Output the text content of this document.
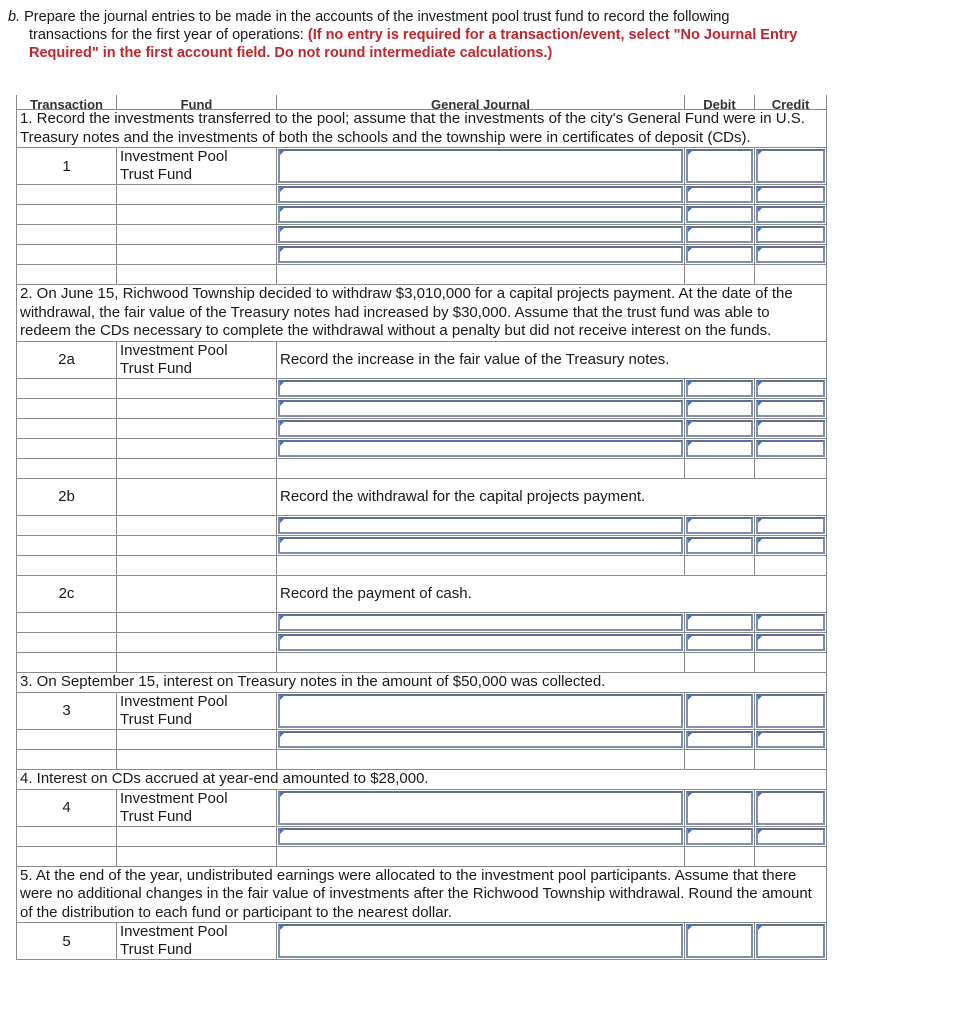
b. Prepare the journal entries to be made in the accounts of the investment pool trust fund to record the following
transactions for the first year of operations: (If no entry is required for a transaction/event, select "No Journal Entry
Required" in the first account field. Do not round intermediate calculations.)
Transaction	Fund	General Journal	Debit	Credit
1. Record the investments transferred to the pool; assume that the investments of the city's General Fund were in U.S. Treasury notes and the investments of both the schools and the township were in certificates of deposit (CDs).				
1	Investment Pool
Trust Fund	

2. On June 15, Richwood Township decided to withdraw $3,010,000 for a capital projects payment. At the date of the withdrawal, the fair value of the Treasury notes had increased by $30,000. Assume that the trust fund was able to redeem the CDs necessary to complete the withdrawal without a penalty but did not receive interest on the funds.				
2a	Investment Pool
Trust Fund	Record the increase in the fair value of the Treasury notes.		

2b		Record the withdrawal for the capital projects payment.		

2c		Record the payment of cash.		

3. On September 15, interest on Treasury notes in the amount of $50,000 was collected.				
3	Investment Pool
Trust Fund	

4. Interest on CDs accrued at year-end amounted to $28,000.				
4	Investment Pool
Trust Fund	

5. At the end of the year, undistributed earnings were allocated to the investment pool participants. Assume that there were no additional changes in the fair value of investments after the Richwood Township withdrawal. Round the amount of the distribution to each fund or participant to the nearest dollar.				
5	Investment Pool
Trust Fund	
